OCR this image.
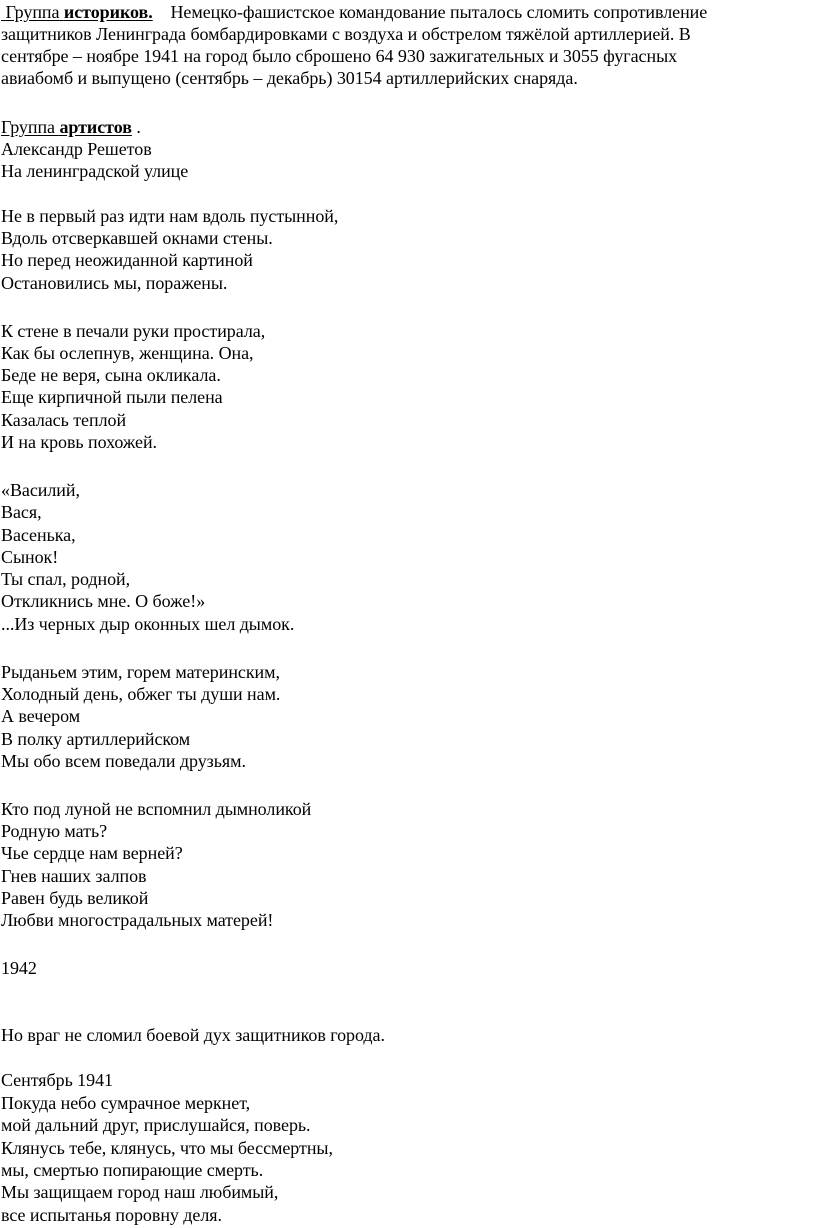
Группа историков. Немецко-фашистское командование пыталось сломить сопротивление
защитников Ленинграда бомбардировками с воздуха и обстрелом тяжёлой артиллерией. В
сентябре – ноябре 1941 на город было сброшено 64 930 зажигательных и 3055 фугасных
авиабомб и выпущено (сентябрь – декабрь) 30154 артиллерийских снаряда.
Группа артистов .
Александр Решетов
На ленинградской улице
Не в первый раз идти нам вдоль пустынной,
Вдоль отсверкавшей окнами стены.
Но перед неожиданной картиной
Остановились мы, поражены.
К стене в печали руки простирала,
Как бы ослепнув, женщина. Она,
Беде не веря, сына окликала.
Еще кирпичной пыли пелена
Казалась теплой
И на кровь похожей.
«Василий,
Вася,
Васенька,
Сынок!
Ты спал, родной,
Откликнись мне. О боже!»
...Из черных дыр оконных шел дымок.
Рыданьем этим, горем материнским,
Холодный день, обжег ты души нам.
А вечером
В полку артиллерийском
Мы обо всем поведали друзьям.
Кто под луной не вспомнил дымноликой
Родную мать?
Чье сердце нам верней?
Гнев наших залпов
Равен будь великой
Любви многострадальных матерей!
1942
Но враг не сломил боевой дух защитников города.
Сентябрь 1941
Покуда небо сумрачное меркнет,
мой дальний друг, прислушайся, поверь.
Клянусь тебе, клянусь, что мы бессмертны,
мы, смертью попирающие смерть.
Мы защищаем город наш любимый,
все испытанья поровну деля.
